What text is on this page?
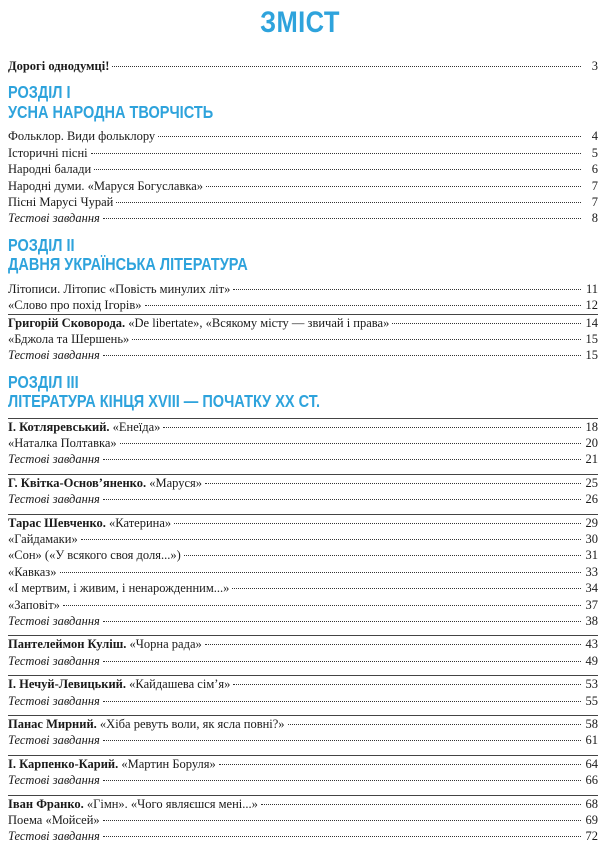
ЗМІСТ
Дорогі однодумці!	3
РОЗДІЛ I
УСНА НАРОДНА ТВОРЧІСТЬ
Фольклор. Види фольклору	4
Історичні пісні	5
Народні балади	6
Народні думи. «Маруся Богуславка»	7
Пісні Марусі Чурай	7
Тестові завдання	8
РОЗДІЛ II
ДАВНЯ УКРАЇНСЬКА ЛІТЕРАТУРА
Літописи. Літопис «Повість минулих літ»	11
«Слово про похід Ігорів»	12
Григорій Сковорода. «De libertate», «Всякому місту — звичай і права»	14
«Бджола та Шершень»	15
Тестові завдання	15
РОЗДІЛ III
ЛІТЕРАТУРА КІНЦЯ XVIII — ПОЧАТКУ XX СТ.
І. Котляревський. «Енеїда»	18
«Наталка Полтавка»	20
Тестові завдання	21
Г. Квітка-Основ’яненко. «Маруся»	25
Тестові завдання	26
Тарас Шевченко. «Катерина»	29
«Гайдамаки»	30
«Сон» («У всякого своя доля...»)	31
«Кавказ»	33
«І мертвим, і живим, і ненарожденним...»	34
«Заповіт»	37
Тестові завдання	38
Пантелеймон Куліш. «Чорна рада»	43
Тестові завдання	49
І. Нечуй-Левицький. «Кайдашева сім’я»	53
Тестові завдання	55
Панас Мирний. «Хіба ревуть воли, як ясла повні?»	58
Тестові завдання	61
І. Карпенко-Карий. «Мартин Боруля»	64
Тестові завдання	66
Іван Франко. «Гімн». «Чого являєшся мені...»	68
Поема «Мойсей»	69
Тестові завдання	72
